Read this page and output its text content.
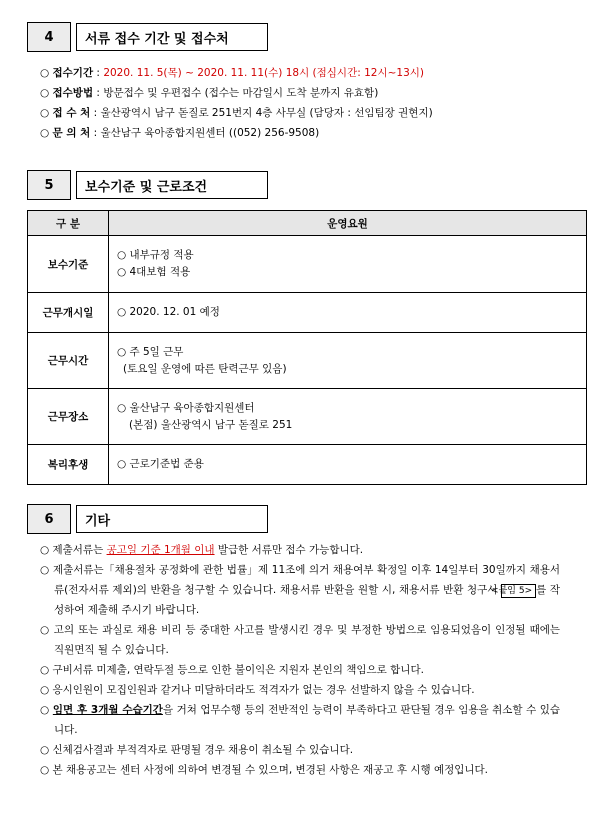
4	서류 접수 기간 및 접수처
○ 접수기간 : 2020. 11. 5(목) ~ 2020. 11. 11(수) 18시 (점심시간: 12시~13시)
○ 접수방법 : 방문접수 및 우편접수 (접수는 마감일시 도착 분까지 유효함)
○ 접 수 처 : 울산광역시 남구 돋질로 251번지 4층 사무실 (담당자 : 선임팀장 권현지)
○ 문 의 처 : 울산남구 육아종합지원센터 ((052) 256-9508)
5	보수기준 및 근로조건
구 분	운영요원
보수기준	○ 내부규정 적용
○ 4대보험 적용

근무개시일	○ 2020. 12. 01 예정

근무시간	○ 주 5일 근무
(토요일 운영에 따른 탄력근무 있음)

근무장소	○ 울산남구 육아종합지원센터
(본점) 울산광역시 남구 돋질로 251

복리후생	○ 근로기준법 준용
6	기타
○ 제출서류는 공고일 기준 1개월 이내 발급한 서류만 접수 가능합니다.
○ 제출서류는「채용절차 공정화에 관한 법률」제 11조에 의거 채용여부 확정일 이후 14일부터 30일까지 채용서류(전자서류 제외)의 반환을 청구할 수 있습니다. 채용서류 반환을 원할 시, 채용서류 반환 청구서 <붙임 5> 를 작성하여 제출해 주시기 바랍니다.
○ 고의 또는 과실로 채용 비리 등 중대한 사고를 발생시킨 경우 및 부정한 방법으로 임용되었음이 인정될 때에는 직원면직 될 수 있습니다.
○ 구비서류 미제출, 연락두절 등으로 인한 불이익은 지원자 본인의 책임으로 합니다.
○ 응시인원이 모집인원과 같거나 미달하더라도 적격자가 없는 경우 선발하지 않을 수 있습니다.
○ 임면 후 3개월 수습기간을 거쳐 업무수행 등의 전반적인 능력이 부족하다고 판단될 경우 임용을 취소할 수 있습니다.
○ 신체검사결과 부적격자로 판명될 경우 채용이 취소될 수 있습니다.
○ 본 채용공고는 센터 사정에 의하여 변경될 수 있으며, 변경된 사항은 재공고 후 시행 예정입니다.
